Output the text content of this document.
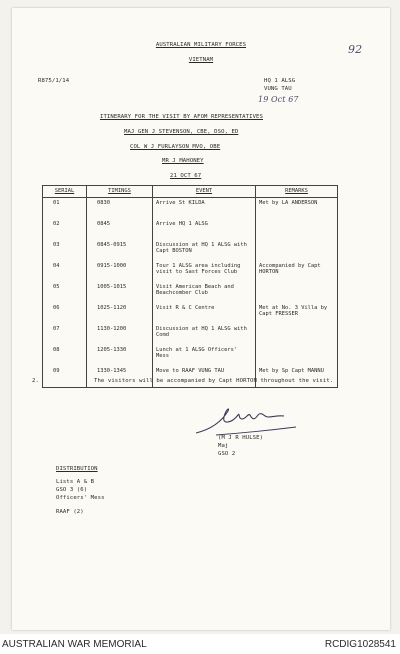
AUSTRALIAN MILITARY FORCES
VIETNAM
92
R875/1/14	HQ 1 ALSG
VUNG TAU
19 Oct 67
ITINERARY FOR THE VISIT BY AFOM REPRESENTATIVES
MAJ GEN J STEVENSON, CBE, DSO, ED
COL W J FURLAYSON MVO, OBE
MR J MAHONEY
21 OCT 67
SERIAL	TIMINGS	EVENT	REMARKS
01	0830	Arrive St KILDA	Met by LA ANDERSON
02	0845	Arrive HQ 1 ALSG	
03	0845-0915	Discussion at HQ 1 ALSG with Capt BOSTON	
04	0915-1000	Tour 1 ALSG area including visit to Sast Forces Club	Accompanied by Capt HORTON
05	1005-1015	Visit American Beach and Beachcomber Club	
06	1025-1120	Visit R & C Centre	Met at No. 3 Villa by Capt FRESSER
07	1130-1200	Discussion at HQ 1 ALSG with Comd	
08	1205-1330	Lunch at 1 ALSG Officers' Mess	
09	1330-1345	Move to RAAF VUNG TAU	Met by Sp Capt MANNU
2.	The visitors will be accompanied by Capt HORTON throughout the visit.
(M J R HULSE)
Maj
GSO 2
DISTRIBUTION
Lists A & B
GSO 3 (6)
Officers' Mess
RAAF (2)
AUSTRALIAN WAR MEMORIAL	RCDIG1028541
